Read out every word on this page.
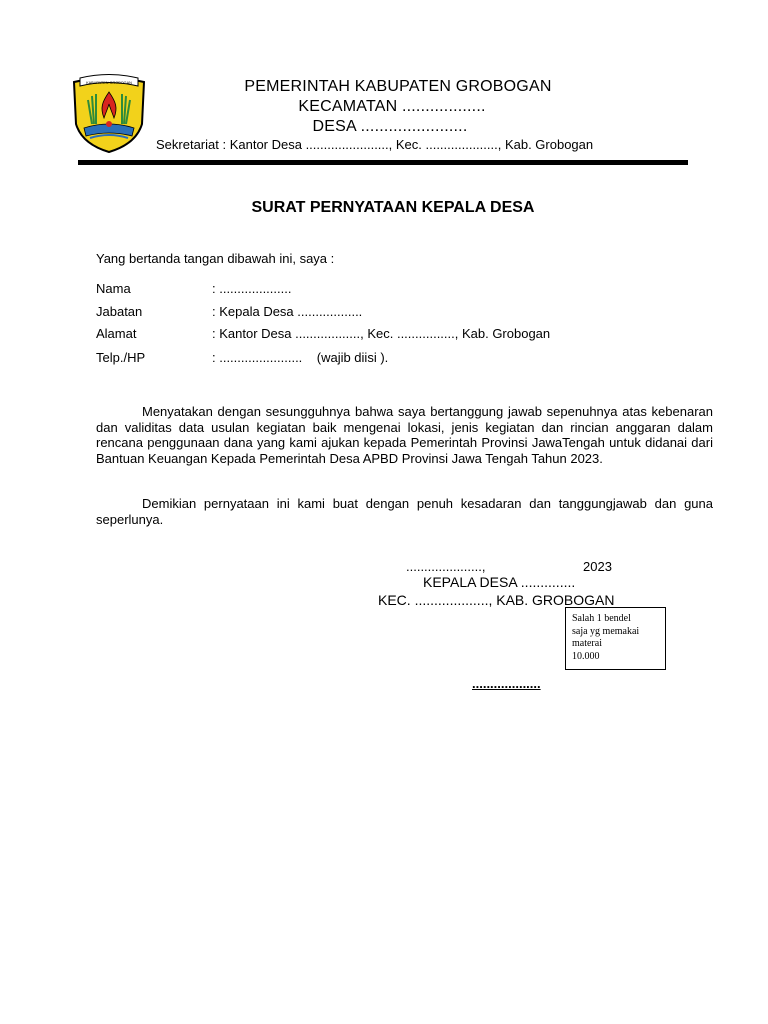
KABUPATEN GROBOGAN	PEMERINTAH KABUPATEN GROBOGAN
KECAMATAN ..................
DESA .......................
Sekretariat : Kantor Desa ......................., Kec. ...................., Kab. Grobogan
SURAT PERNYATAAN KEPALA DESA
Yang bertanda tangan dibawah ini, saya :
Nama	: ....................
Jabatan	: Kepala Desa ..................
Alamat	: Kantor Desa .................., Kec. ................, Kab. Grobogan
Telp./HP	: .......................    (wajib diisi ).
Menyatakan dengan sesungguhnya bahwa saya bertanggung jawab sepenuhnya atas kebenaran dan validitas data usulan kegiatan baik mengenai lokasi, jenis kegiatan dan rincian anggaran dalam rencana penggunaan dana yang kami ajukan kepada Pemerintah Provinsi JawaTengah untuk didanai dari Bantuan Keuangan Kepada Pemerintah Desa APBD Provinsi Jawa Tengah Tahun 2023.
Demikian pernyataan ini kami buat dengan penuh kesadaran dan tanggungjawab dan guna seperlunya.
.....................,	2023
KEPALA DESA ..............
KEC. ..................., KAB. GROBOGAN
Salah 1 bendel
saja yg memakai
materai
10.000
...................
